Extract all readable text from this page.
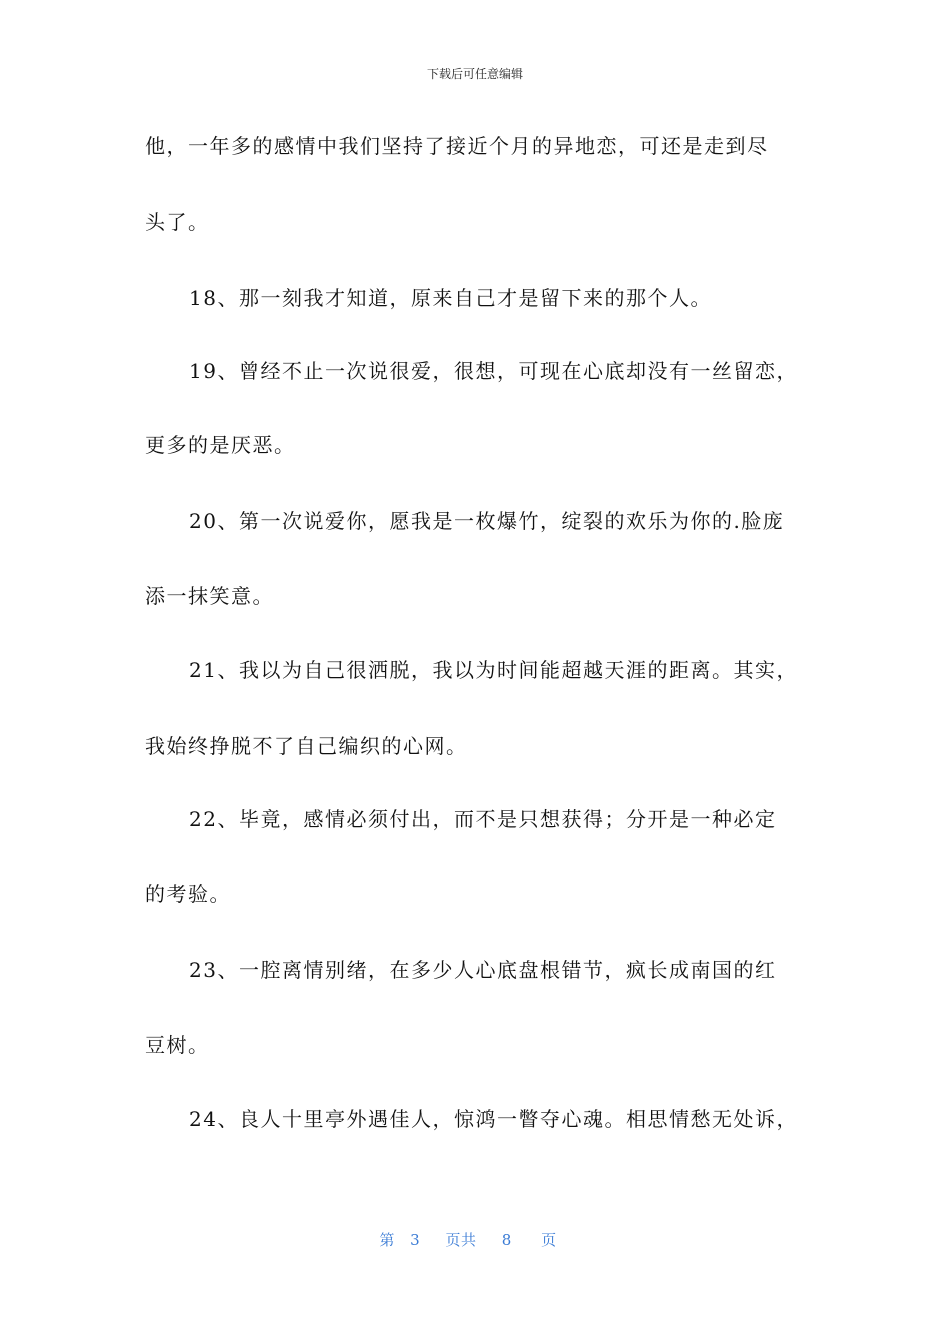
下载后可任意编辑
他，一年多的感情中我们坚持了接近个月的异地恋，可还是走到尽
头了。
18、那一刻我才知道，原来自己才是留下来的那个人。
19、曾经不止一次说很爱，很想，可现在心底却没有一丝留恋，
更多的是厌恶。
20、第一次说爱你，愿我是一枚爆竹，绽裂的欢乐为你的.脸庞
添一抹笑意。
21、我以为自己很洒脱，我以为时间能超越天涯的距离。其实，
我始终挣脱不了自己编织的心网。
22、毕竟，感情必须付出，而不是只想获得；分开是一种必定
的考验。
23、一腔离情别绪，在多少人心底盘根错节，疯长成南国的红
豆树。
24、良人十里亭外遇佳人，惊鸿一瞥夺心魂。相思情愁无处诉，
第 3 页共 8 页
